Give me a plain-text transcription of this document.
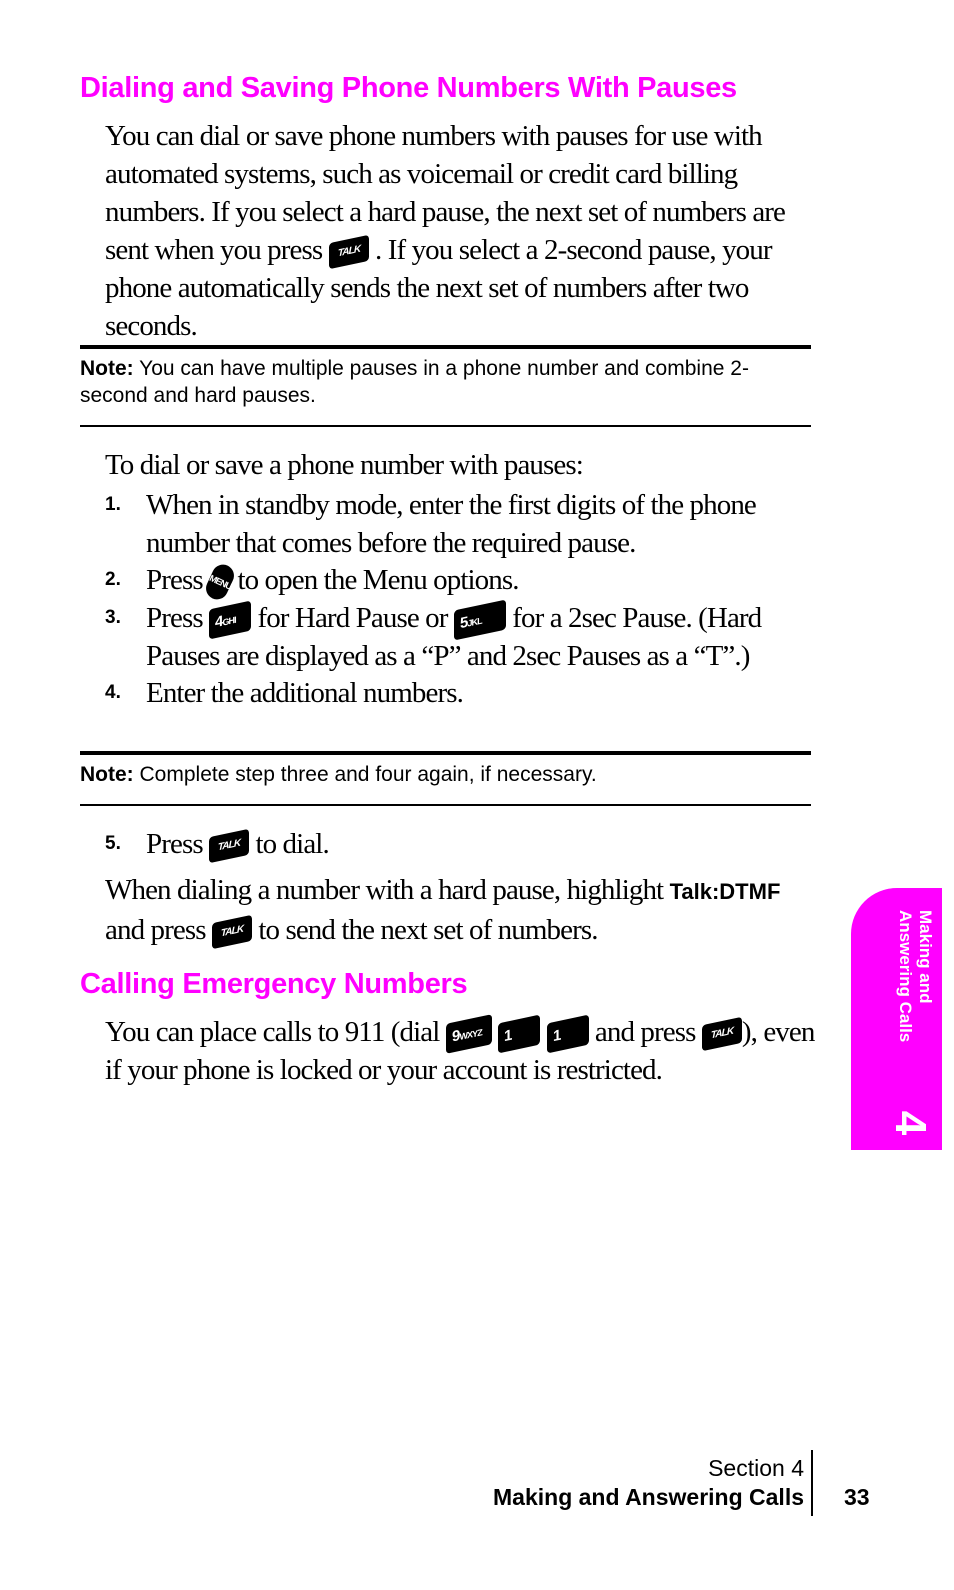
Dialing and Saving Phone Numbers With Pauses

You can dial or save phone numbers with pauses for use with automated systems, such as voicemail or credit card billing numbers. If you select a hard pause, the next set of numbers are sent when you press TALK . If you select a 2-second pause, your phone automatically sends the next set of numbers after two seconds.

Note: You can have multiple pauses in a phone number and combine 2-second and hard pauses.

To dial or save a phone number with pauses:

1. When in standby mode, enter the first digits of the phone number that comes before the required pause.
2. Press MENU to open the Menu options.
3. Press 4GHI for Hard Pause or 5JKL for a 2sec Pause. (Hard Pauses are displayed as a “P” and 2sec Pauses as a “T”.)
4. Enter the additional numbers.
Note: Complete step three and four again, if necessary.
5. Press TALK to dial.

When dialing a number with a hard pause, highlight Talk:DTMF and press TALK to send the next set of numbers.

Calling Emergency Numbers

You can place calls to 911 (dial 9WXYZ 1	1 and press TALK ), even if your phone is locked or your account is restricted.

Making and Answering Calls
4
Section 4
Making and Answering Calls 33
